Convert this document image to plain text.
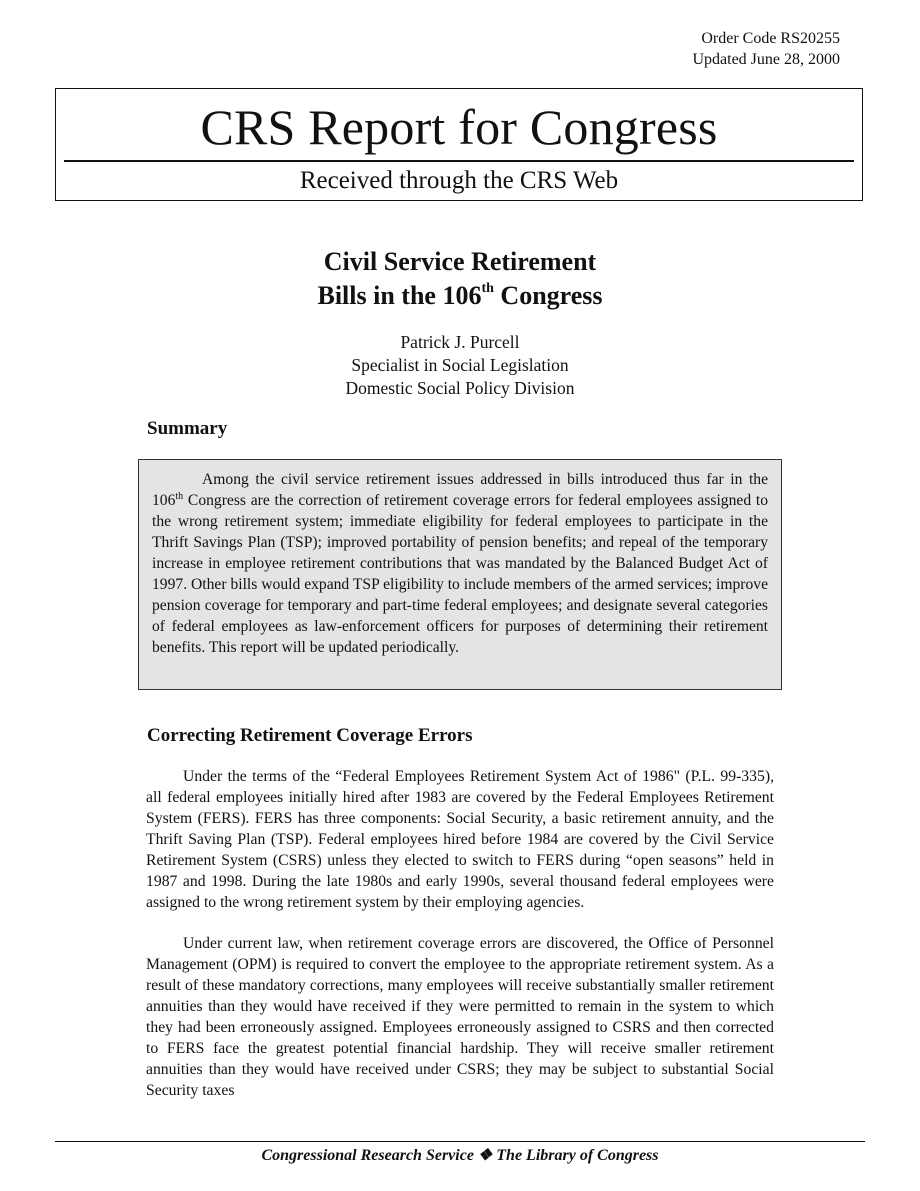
Order Code RS20255
Updated June 28, 2000
CRS Report for Congress
Received through the CRS Web
Civil Service Retirement
Bills in the 106th Congress
Patrick J. Purcell
Specialist in Social Legislation
Domestic Social Policy Division
Summary

Among the civil service retirement issues addressed in bills introduced thus far in the 106th Congress are the correction of retirement coverage errors for federal employees assigned to the wrong retirement system; immediate eligibility for federal employees to participate in the Thrift Savings Plan (TSP); improved portability of pension benefits; and repeal of the temporary increase in employee retirement contributions that was mandated by the Balanced Budget Act of 1997. Other bills would expand TSP eligibility to include members of the armed services; improve pension coverage for temporary and part-time federal employees; and designate several categories of federal employees as law-enforcement officers for purposes of determining their retirement benefits. This report will be updated periodically.

Correcting Retirement Coverage Errors

Under the terms of the “Federal Employees Retirement System Act of 1986" (P.L. 99-335), all federal employees initially hired after 1983 are covered by the Federal Employees Retirement System (FERS). FERS has three components: Social Security, a basic retirement annuity, and the Thrift Saving Plan (TSP). Federal employees hired before 1984 are covered by the Civil Service Retirement System (CSRS) unless they elected to switch to FERS during “open seasons” held in 1987 and 1998. During the late 1980s and early 1990s, several thousand federal employees were assigned to the wrong retirement system by their employing agencies.

Under current law, when retirement coverage errors are discovered, the Office of Personnel Management (OPM) is required to convert the employee to the appropriate retirement system. As a result of these mandatory corrections, many employees will receive substantially smaller retirement annuities than they would have received if they were permitted to remain in the system to which they had been erroneously assigned. Employees erroneously assigned to CSRS and then corrected to FERS face the greatest potential financial hardship. They will receive smaller retirement annuities than they would have received under CSRS; they may be subject to substantial Social Security taxes

Congressional Research Service ❖ The Library of Congress
